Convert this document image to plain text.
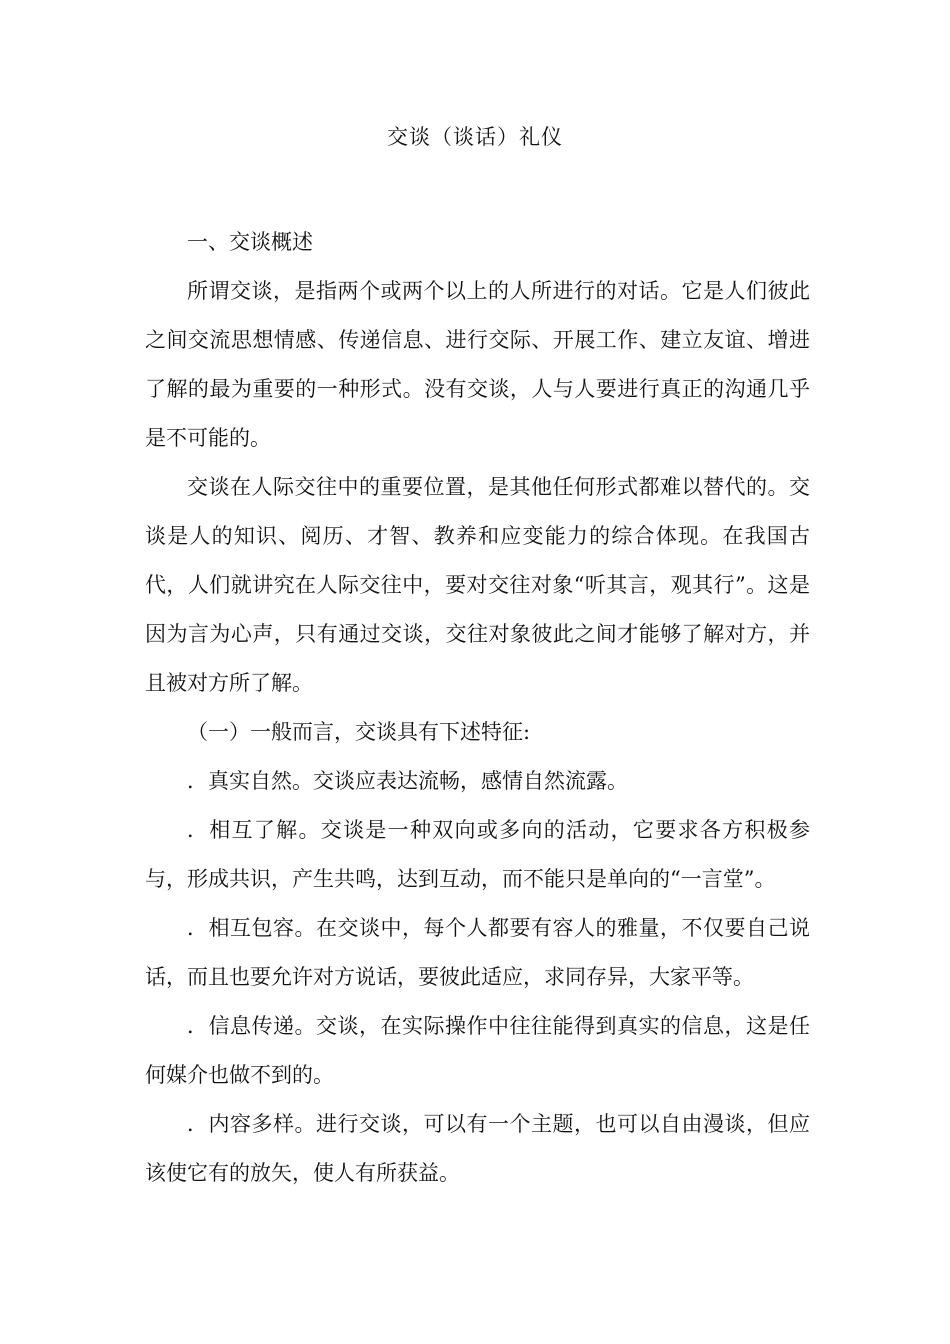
交谈（谈话）礼仪

一、交谈概述

所谓交谈，是指两个或两个以上的人所进行的对话。它是人们彼此之间交流思想情感、传递信息、进行交际、开展工作、建立友谊、增进了解的最为重要的一种形式。没有交谈，人与人要进行真正的沟通几乎是不可能的。

交谈在人际交往中的重要位置，是其他任何形式都难以替代的。交谈是人的知识、阅历、才智、教养和应变能力的综合体现。在我国古代，人们就讲究在人际交往中，要对交往对象“听其言，观其行”。这是因为言为心声，只有通过交谈，交往对象彼此之间才能够了解对方，并且被对方所了解。

（一）一般而言，交谈具有下述特征:

．真实自然。交谈应表达流畅，感情自然流露。

．相互了解。交谈是一种双向或多向的活动，它要求各方积极参与，形成共识，产生共鸣，达到互动，而不能只是单向的“一言堂”。

．相互包容。在交谈中，每个人都要有容人的雅量，不仅要自己说话，而且也要允许对方说话，要彼此适应，求同存异，大家平等。

．信息传递。交谈，在实际操作中往往能得到真实的信息，这是任何媒介也做不到的。

．内容多样。进行交谈，可以有一个主题，也可以自由漫谈，但应该使它有的放矢，使人有所获益。
